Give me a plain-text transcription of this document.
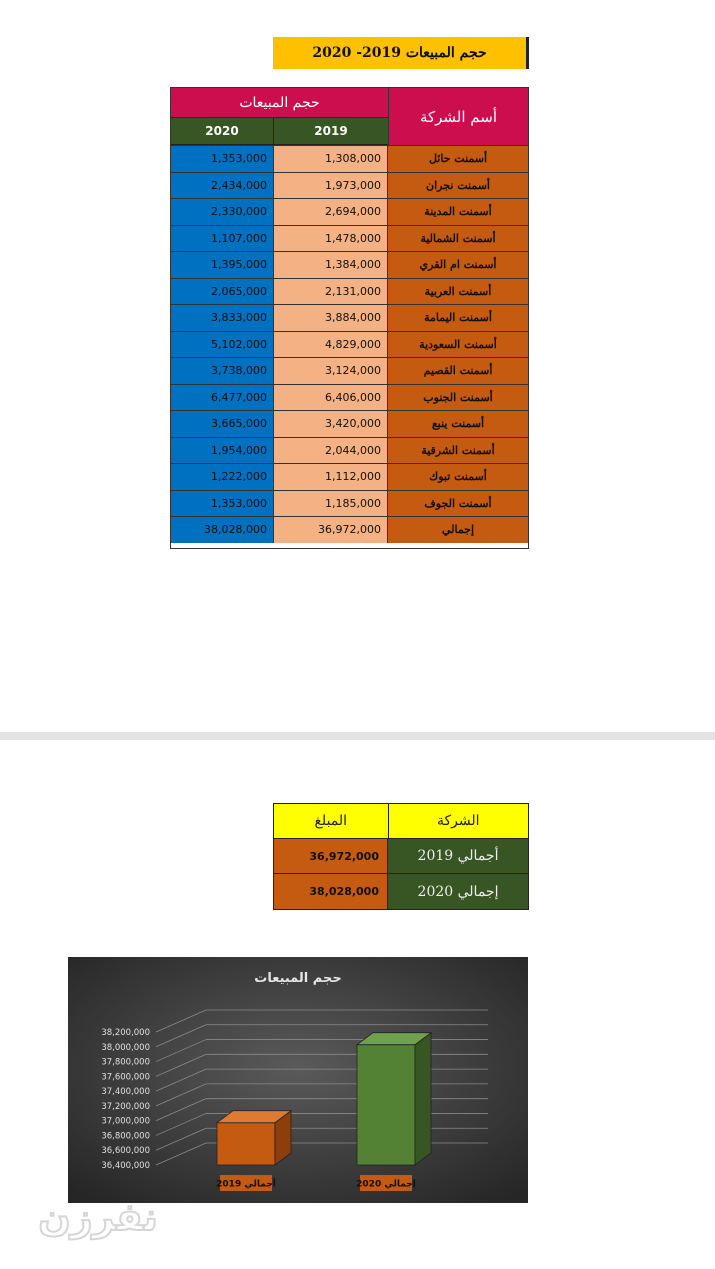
حجم المبيعات 2019- 2020
حجم المبيعات
2020	2019
أسم الشركة
1,353,000	1,308,000	أسمنت حائل
2,434,000	1,973,000	أسمنت نجران
2,330,000	2,694,000	أسمنت المدينة
1,107,000	1,478,000	أسمنت الشمالية
1,395,000	1,384,000	أسمنت ام القري
2,065,000	2,131,000	أسمنت العربية
3,833,000	3,884,000	أسمنت اليمامة
5,102,000	4,829,000	أسمنت السعودية
3,738,000	3,124,000	أسمنت القصيم
6,477,000	6,406,000	أسمنت الجنوب
3,665,000	3,420,000	أسمنت ينبع
1,954,000	2,044,000	أسمنت الشرقية
1,222,000	1,112,000	أسمنت تبوك
1,353,000	1,185,000	أسمنت الجوف
38,028,000	36,972,000	إجمالي
المبلغ	الشركة
36,972,000	أجمالي 2019
38,028,000	إجمالي 2020
حجم المبيعات
36,400,000
36,600,000
36,800,000
37,000,000
37,200,000
37,400,000
37,600,000
37,800,000
38,000,000
38,200,000
أجمالي 2019	إجمالي 2020
نفرزن
